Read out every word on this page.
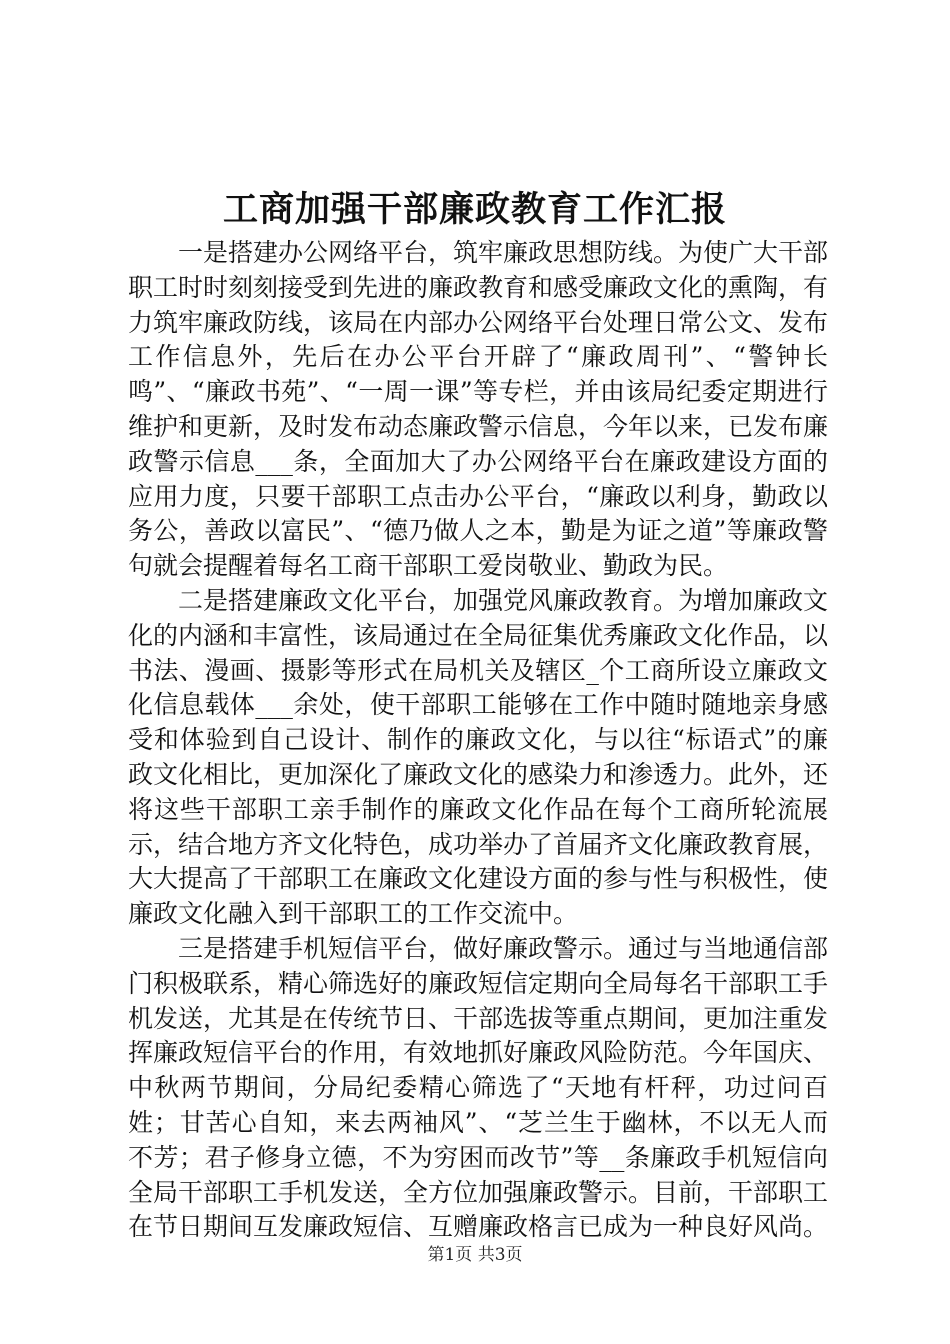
工商加强干部廉政教育工作汇报

一是搭建办公网络平台，筑牢廉政思想防线。为使广大干部职工时时刻刻接受到先进的廉政教育和感受廉政文化的熏陶，有力筑牢廉政防线，该局在内部办公网络平台处理日常公文、发布工作信息外，先后在办公平台开辟了“廉政周刊”、“警钟长鸣”、“廉政书苑”、“一周一课”等专栏，并由该局纪委定期进行维护和更新，及时发布动态廉政警示信息，今年以来，已发布廉政警示信息___条，全面加大了办公网络平台在廉政建设方面的应用力度，只要干部职工点击办公平台，“廉政以利身，勤政以务公，善政以富民”、“德乃做人之本，勤是为证之道”等廉政警句就会提醒着每名工商干部职工爱岗敬业、勤政为民。

二是搭建廉政文化平台，加强党风廉政教育。为增加廉政文化的内涵和丰富性，该局通过在全局征集优秀廉政文化作品，以书法、漫画、摄影等形式在局机关及辖区_个工商所设立廉政文化信息载体___余处，使干部职工能够在工作中随时随地亲身感受和体验到自己设计、制作的廉政文化，与以往“标语式”的廉政文化相比，更加深化了廉政文化的感染力和渗透力。此外，还将这些干部职工亲手制作的廉政文化作品在每个工商所轮流展示，结合地方齐文化特色，成功举办了首届齐文化廉政教育展，大大提高了干部职工在廉政文化建设方面的参与性与积极性，使廉政文化融入到干部职工的工作交流中。

三是搭建手机短信平台，做好廉政警示。通过与当地通信部门积极联系，精心筛选好的廉政短信定期向全局每名干部职工手机发送，尤其是在传统节日、干部选拔等重点期间，更加注重发挥廉政短信平台的作用，有效地抓好廉政风险防范。今年国庆、中秋两节期间，分局纪委精心筛选了“天地有杆秤，功过问百姓；甘苦心自知，来去两袖风”、“芝兰生于幽林，不以无人而不芳；君子修身立德，不为穷困而改节”等__条廉政手机短信向全局干部职工手机发送，全方位加强廉政警示。目前，干部职工在节日期间互发廉政短信、互赠廉政格言已成为一种良好风尚。

第1页 共3页
